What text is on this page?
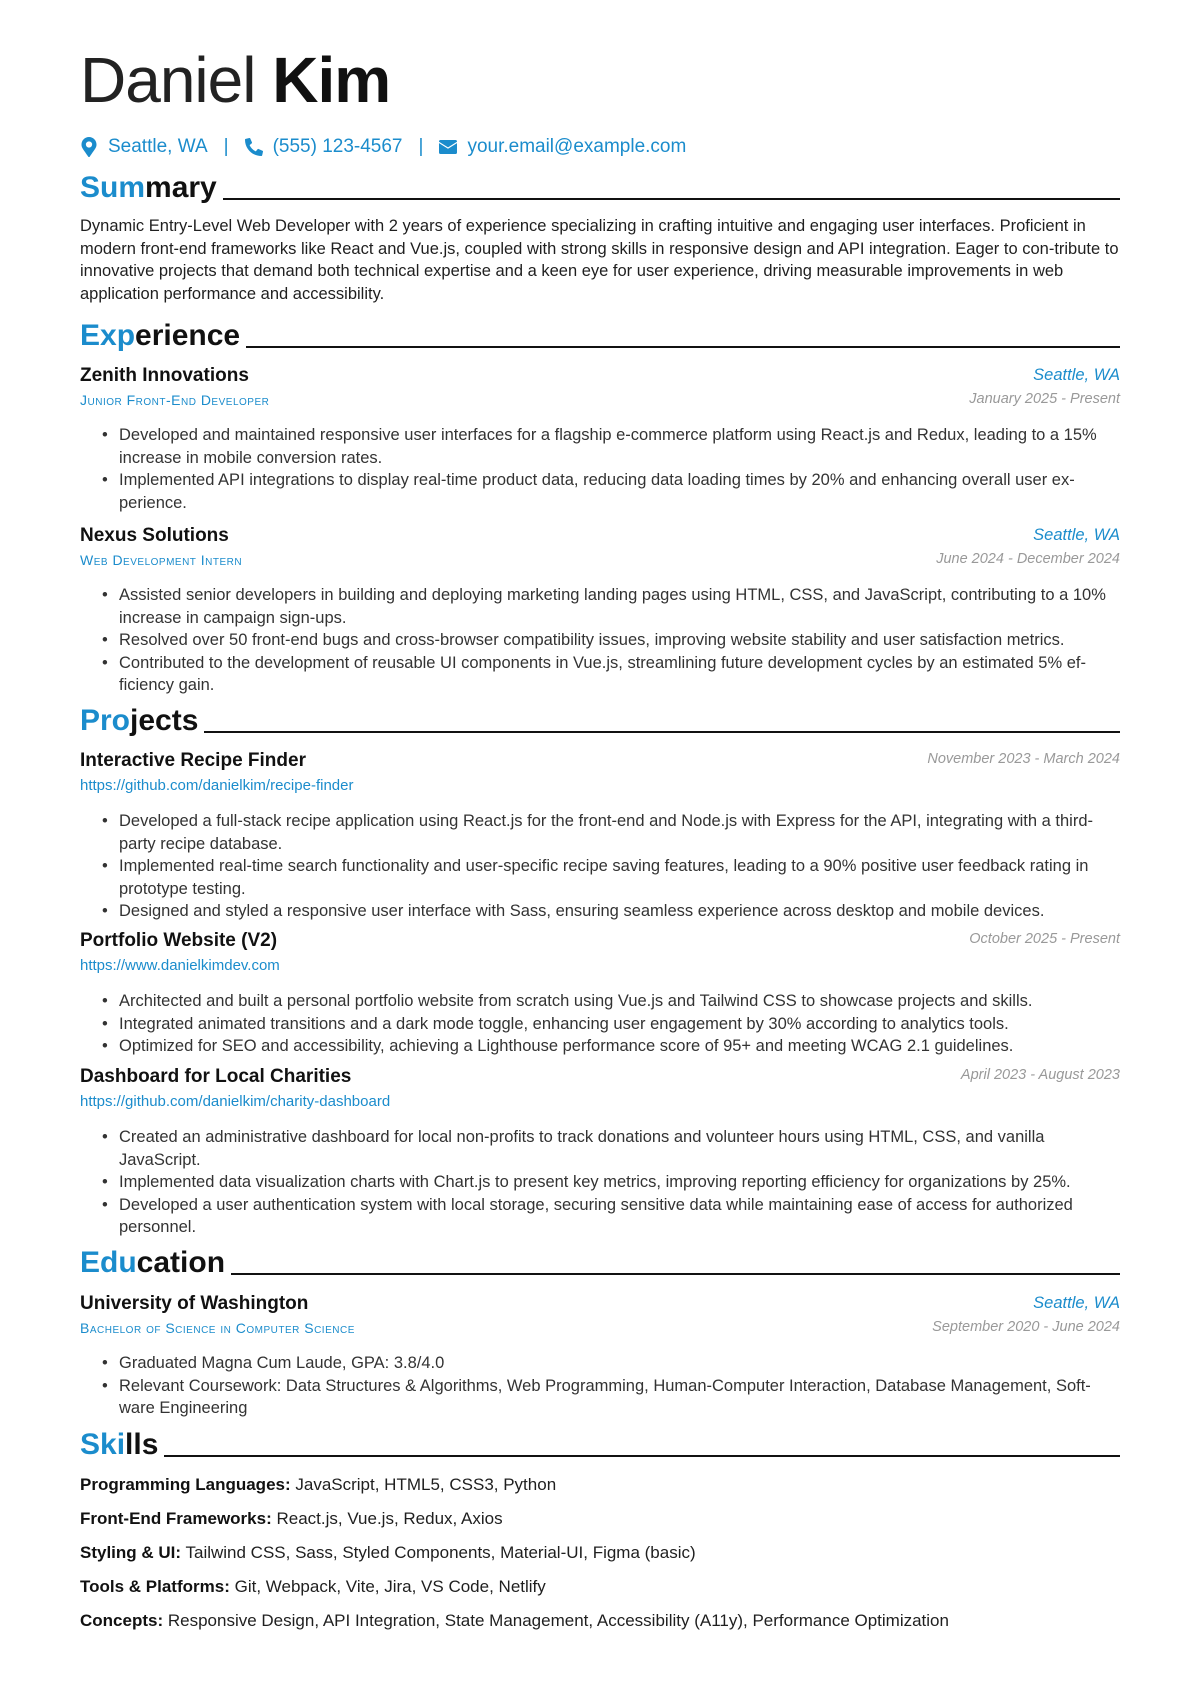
Daniel Kim
Seattle, WA | (555) 123-4567 | your.email@example.com
Summary
Dynamic Entry-Level Web Developer with 2 years of experience specializing in crafting intuitive and engaging user interfaces. Proficient in modern front-end frameworks like React and Vue.js, coupled with strong skills in responsive design and API integration. Eager to con-tribute to innovative projects that demand both technical expertise and a keen eye for user experience, driving measurable improvements in web application performance and accessibility.
Experience
Zenith Innovations	Seattle, WA
Junior Front-End Developer	January 2025 - Present
• Developed and maintained responsive user interfaces for a flagship e-commerce platform using React.js and Redux, leading to a 15% increase in mobile conversion rates.
• Implemented API integrations to display real-time product data, reducing data loading times by 20% and enhancing overall user ex-perience.
Nexus Solutions	Seattle, WA
Web Development Intern	June 2024 - December 2024
• Assisted senior developers in building and deploying marketing landing pages using HTML, CSS, and JavaScript, contributing to a 10% increase in campaign sign-ups.
• Resolved over 50 front-end bugs and cross-browser compatibility issues, improving website stability and user satisfaction metrics.
• Contributed to the development of reusable UI components in Vue.js, streamlining future development cycles by an estimated 5% ef-ficiency gain.
Projects
Interactive Recipe Finder	November 2023 - March 2024
https://github.com/danielkim/recipe-finder
• Developed a full-stack recipe application using React.js for the front-end and Node.js with Express for the API, integrating with a third-party recipe database.
• Implemented real-time search functionality and user-specific recipe saving features, leading to a 90% positive user feedback rating in prototype testing.
• Designed and styled a responsive user interface with Sass, ensuring seamless experience across desktop and mobile devices.
Portfolio Website (V2)	October 2025 - Present
https://www.danielkimdev.com
• Architected and built a personal portfolio website from scratch using Vue.js and Tailwind CSS to showcase projects and skills.
• Integrated animated transitions and a dark mode toggle, enhancing user engagement by 30% according to analytics tools.
• Optimized for SEO and accessibility, achieving a Lighthouse performance score of 95+ and meeting WCAG 2.1 guidelines.
Dashboard for Local Charities	April 2023 - August 2023
https://github.com/danielkim/charity-dashboard
• Created an administrative dashboard for local non-profits to track donations and volunteer hours using HTML, CSS, and vanilla JavaScript.
• Implemented data visualization charts with Chart.js to present key metrics, improving reporting efficiency for organizations by 25%.
• Developed a user authentication system with local storage, securing sensitive data while maintaining ease of access for authorized personnel.
Education
University of Washington	Seattle, WA
Bachelor of Science in Computer Science	September 2020 - June 2024
• Graduated Magna Cum Laude, GPA: 3.8/4.0
• Relevant Coursework: Data Structures & Algorithms, Web Programming, Human-Computer Interaction, Database Management, Soft-ware Engineering
Skills
Programming Languages: JavaScript, HTML5, CSS3, Python
Front-End Frameworks: React.js, Vue.js, Redux, Axios
Styling & UI: Tailwind CSS, Sass, Styled Components, Material-UI, Figma (basic)
Tools & Platforms: Git, Webpack, Vite, Jira, VS Code, Netlify
Concepts: Responsive Design, API Integration, State Management, Accessibility (A11y), Performance Optimization
